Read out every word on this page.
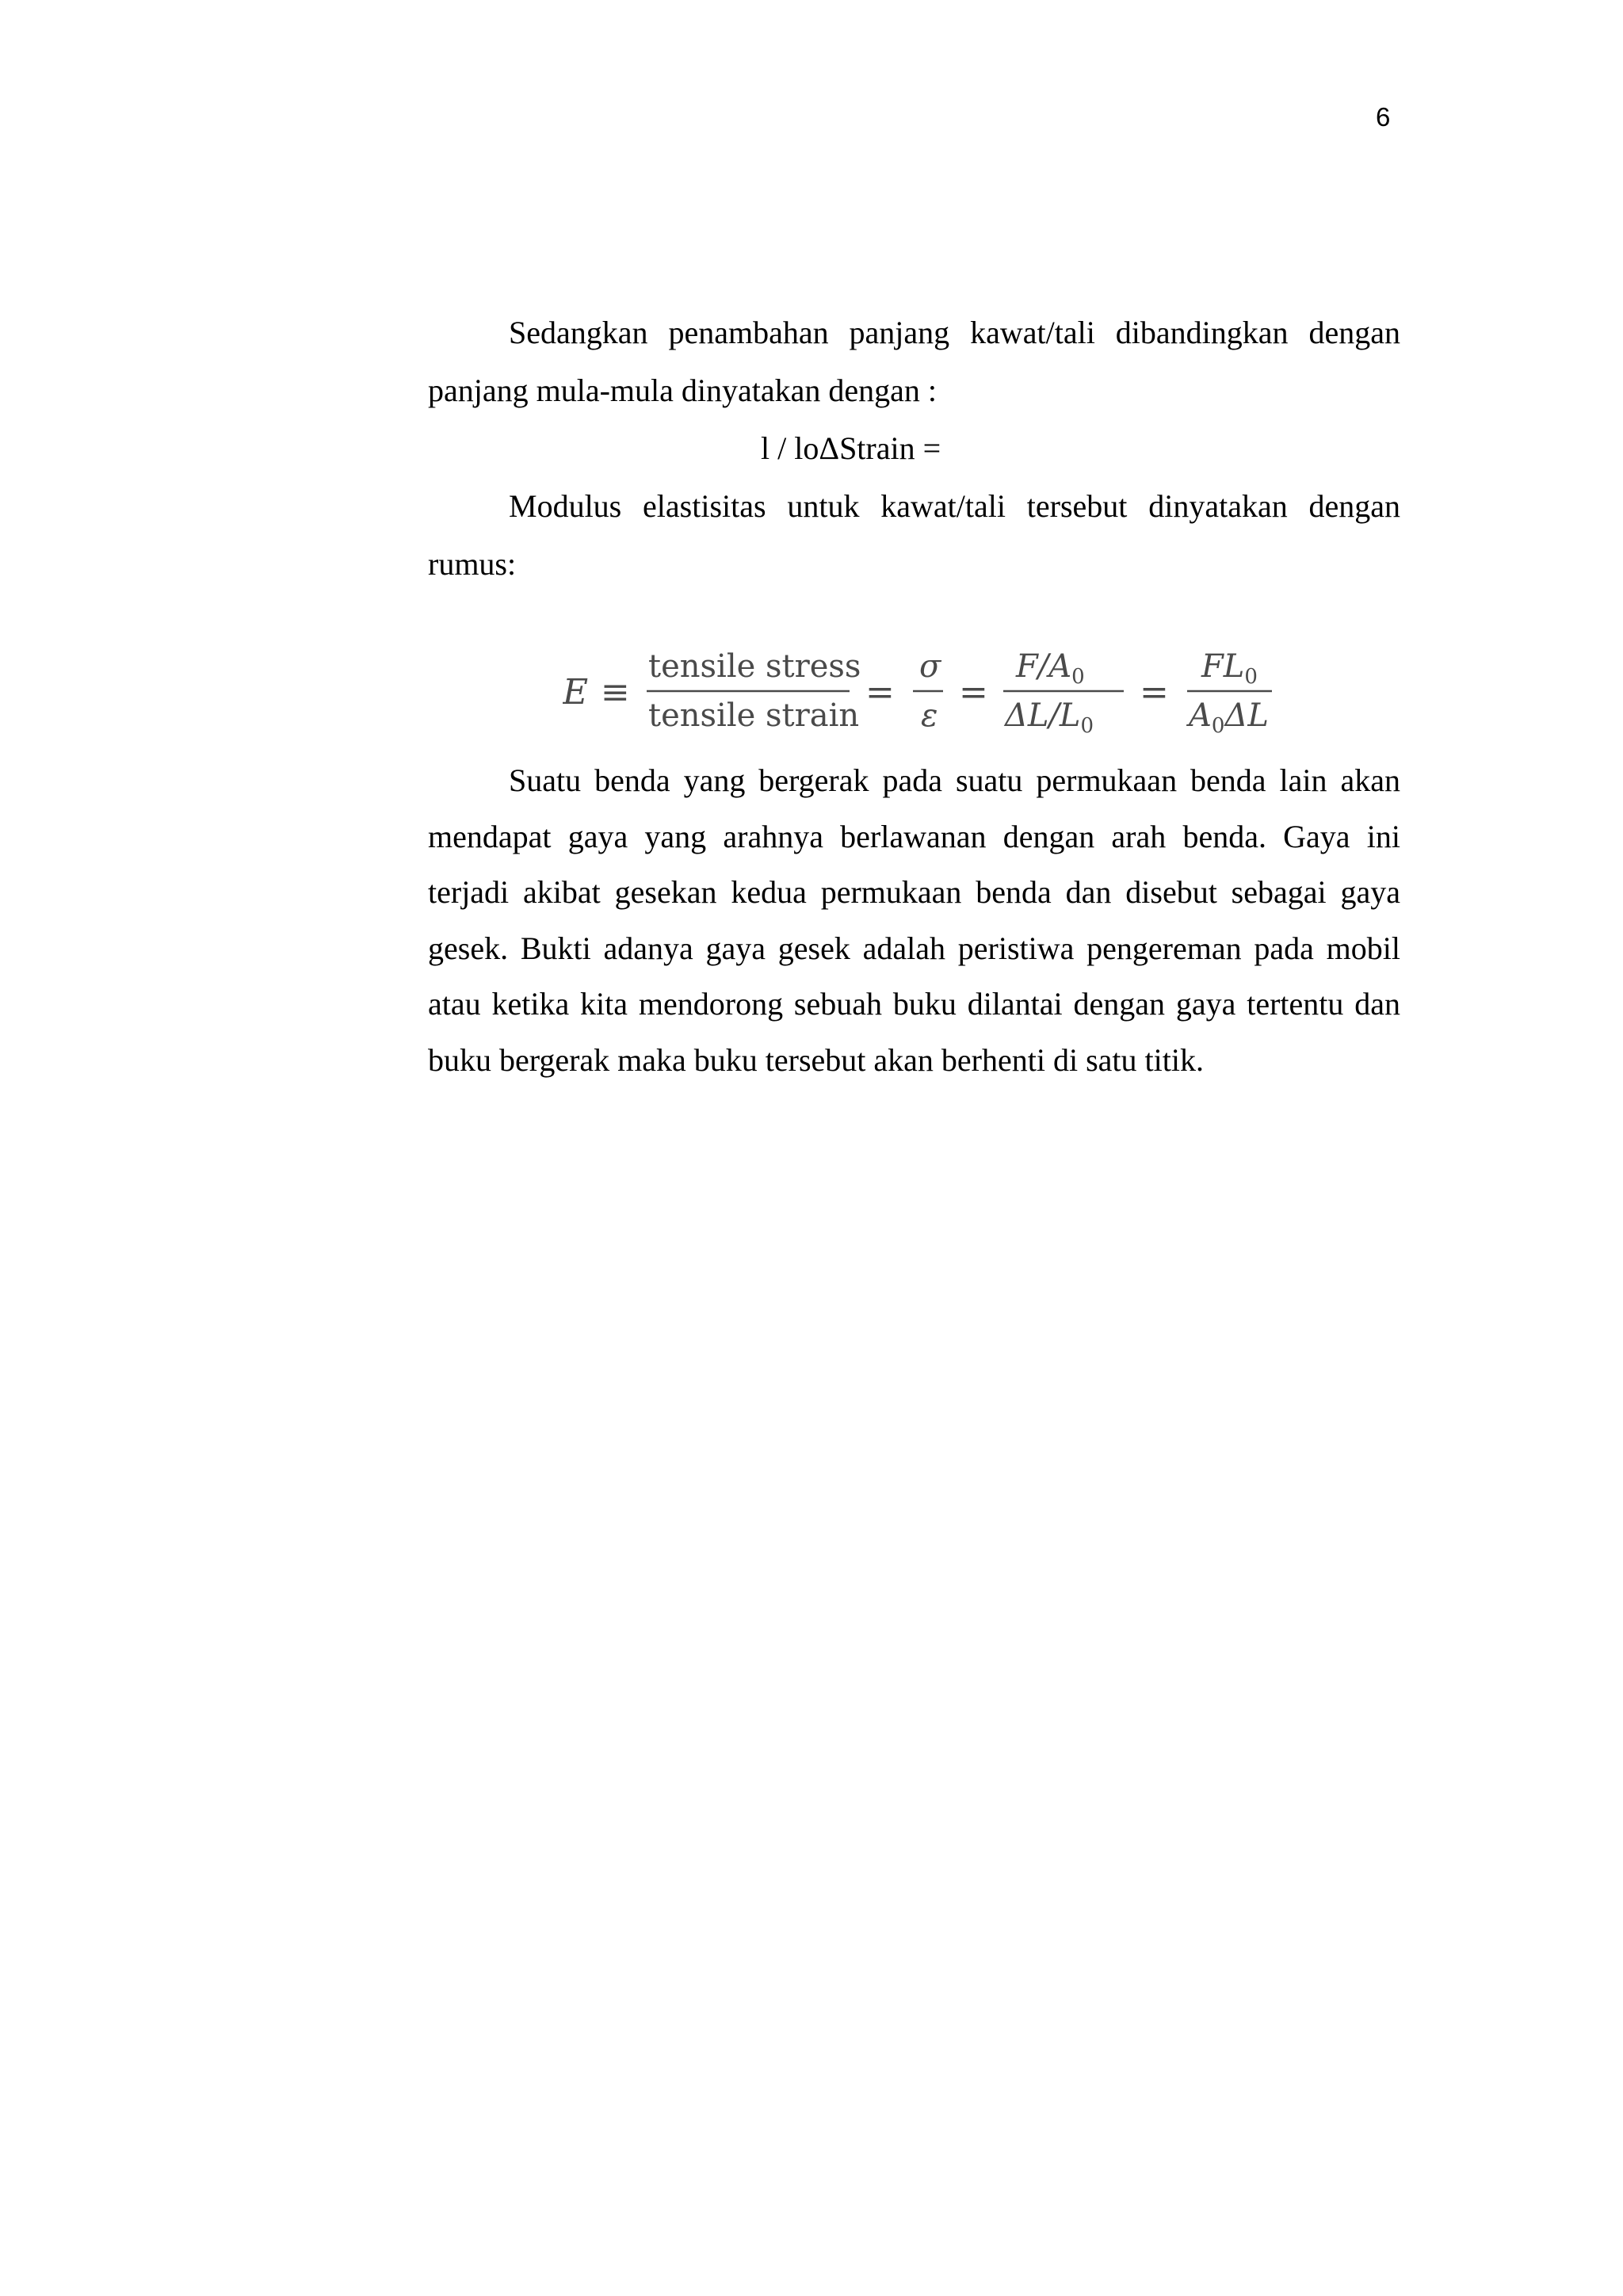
6

Sedangkan penambahan panjang kawat/tali dibandingkan dengan panjang mula-mula dinyatakan dengan :

l / loΔStrain =

Modulus elastisitas untuk kawat/tali tersebut dinyatakan dengan rumus:

E ≡
tensile stress
tensile strain
=
σ
ε
=
$F/A_0$
$\Delta L/L_0$
=
$FL_0$
$A_0\Delta L$

Suatu benda yang bergerak pada suatu permukaan benda lain akan mendapat gaya yang arahnya berlawanan dengan arah benda. Gaya ini terjadi akibat gesekan kedua permukaan benda dan disebut sebagai gaya gesek. Bukti adanya gaya gesek adalah peristiwa pengereman pada mobil atau ketika kita mendorong sebuah buku dilantai dengan gaya tertentu dan buku bergerak maka buku tersebut akan berhenti di satu titik.
